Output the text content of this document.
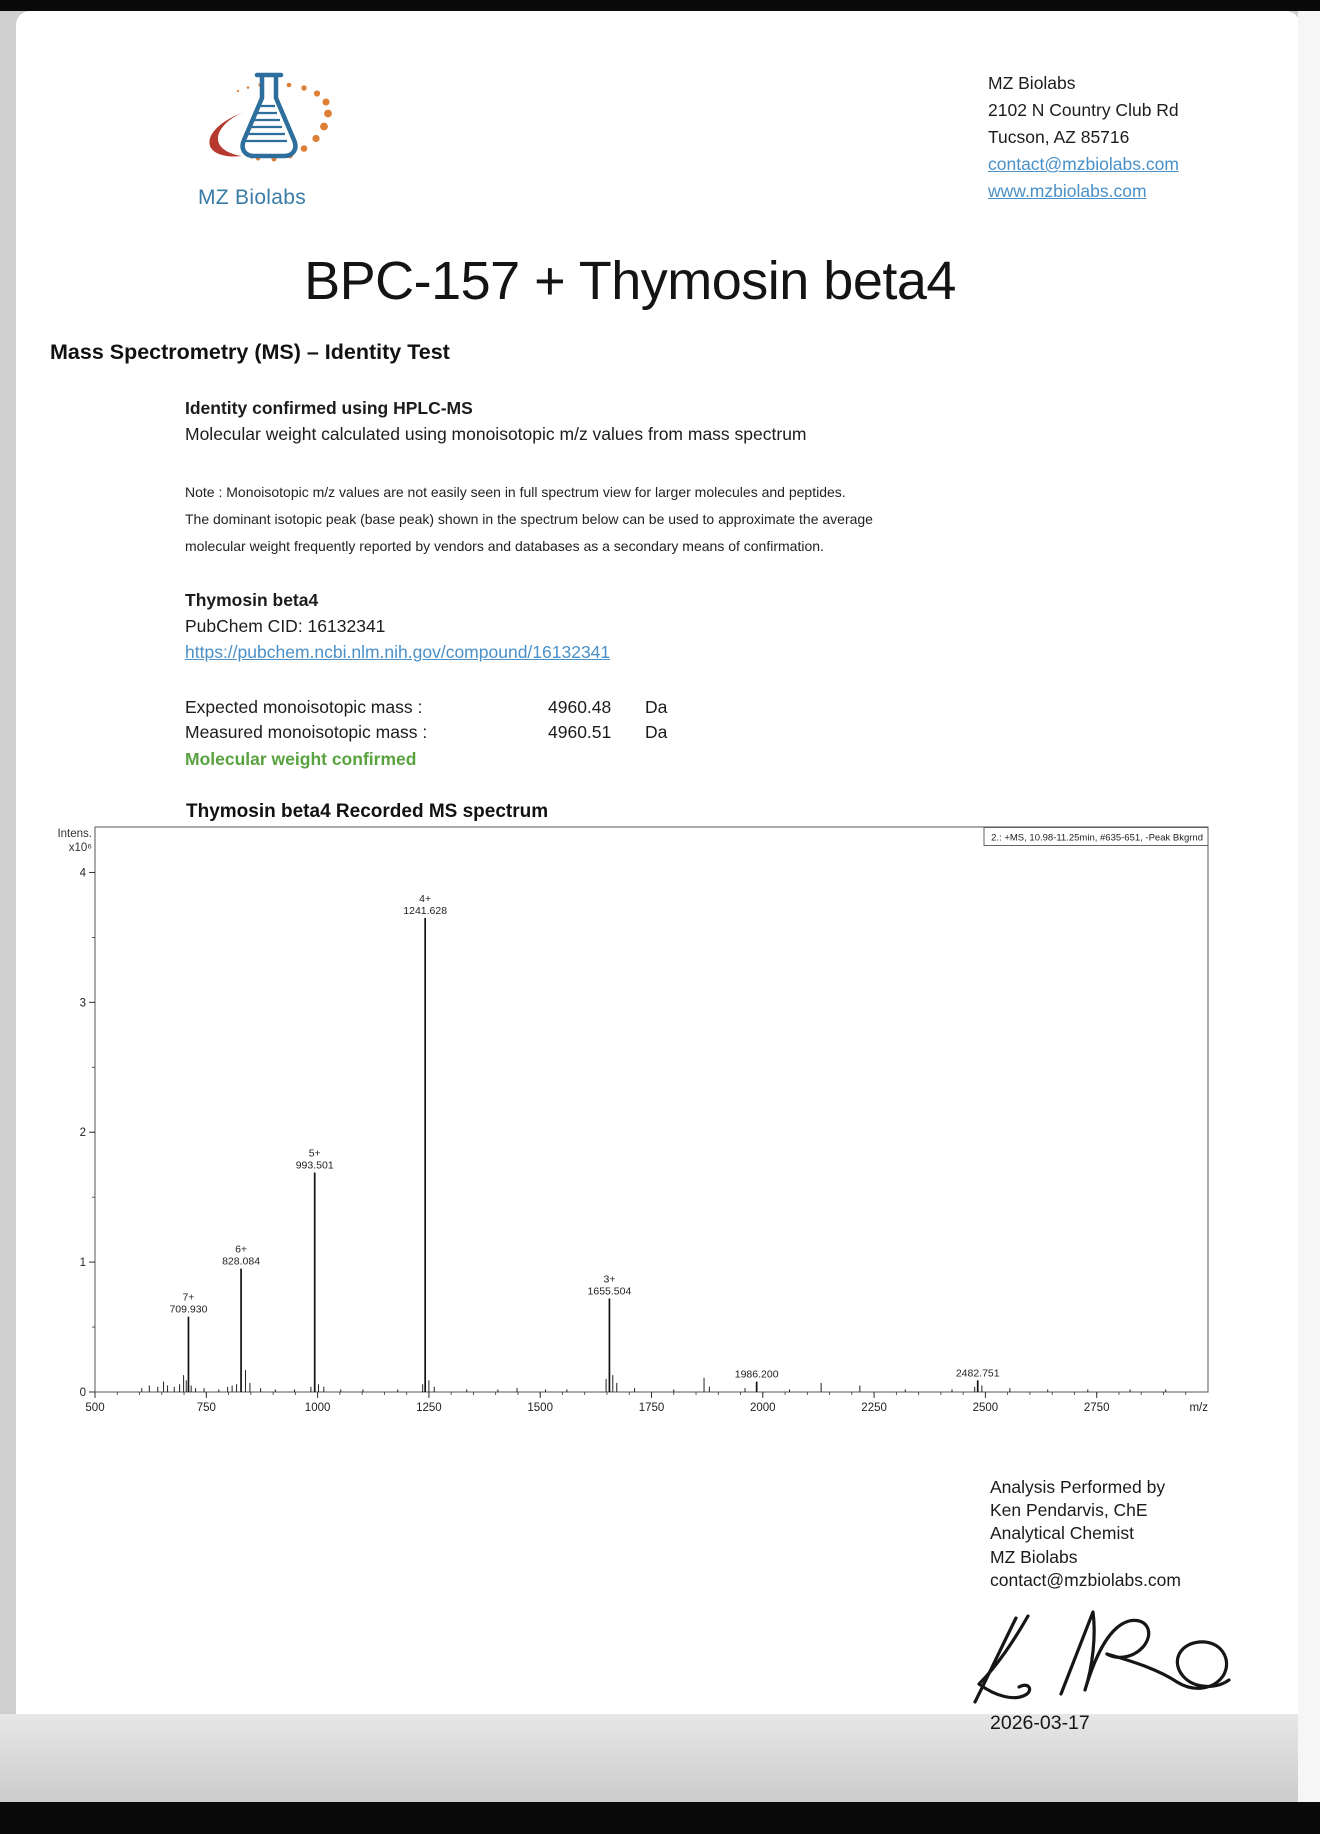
MZ Biolabs
MZ Biolabs
2102 N Country Club Rd
Tucson, AZ 85716
contact@mzbiolabs.com
www.mzbiolabs.com
BPC-157 + Thymosin beta4
Mass Spectrometry (MS) – Identity Test
Identity confirmed using HPLC-MS
Molecular weight calculated using monoisotopic m/z values from mass spectrum
Note : Monoisotopic m/z values are not easily seen in full spectrum view for larger molecules and peptides.
The dominant isotopic peak (base peak) shown in the spectrum below can be used to approximate the average
molecular weight frequently reported by vendors and databases as a secondary means of confirmation.
Thymosin beta4
PubChem CID: 16132341
https://pubchem.ncbi.nlm.nih.gov/compound/16132341
Expected monoisotopic mass :	4960.48 Da
Measured monoisotopic mass :	4960.51 Da
Molecular weight confirmed
Thymosin beta4 Recorded MS spectrum
Intens.
x10⁶
0
1
2
3
4
500	750	1000	1250	1500	1750	2000	2250	2500	2750	m/z
7+
709.930
6+
828.084
5+
993.501
4+
1241.628
3+
1655.504
1986.200	2482.751
2.: +MS, 10.98-11.25min, #635-651, -Peak Bkgrnd
Analysis Performed by
Ken Pendarvis, ChE
Analytical Chemist
MZ Biolabs
contact@mzbiolabs.com
2026-03-17
